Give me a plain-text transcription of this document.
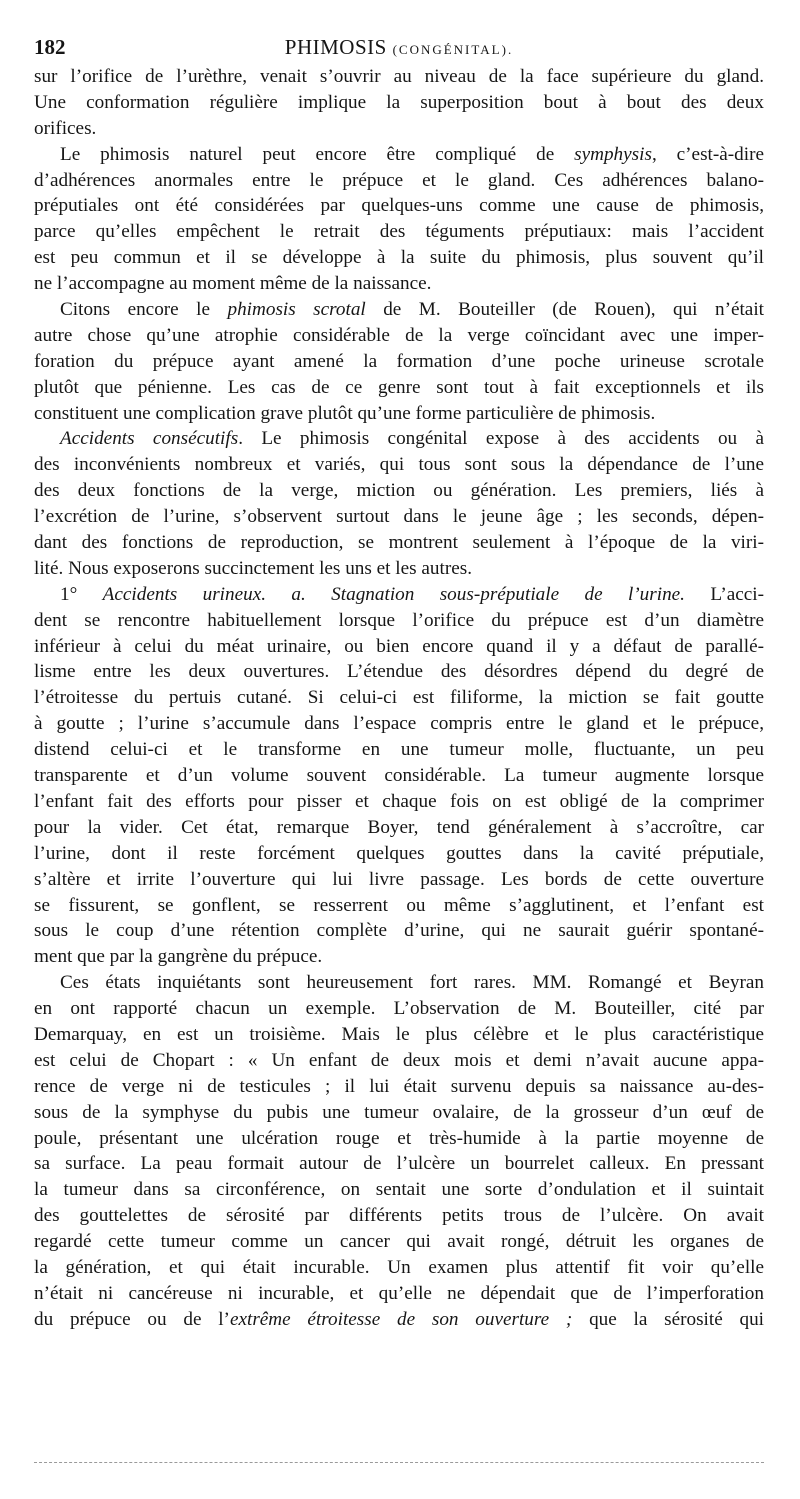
182	PHIMOSIS (CONGÉNITAL).
sur l’orifice de l’urèthre, venait s’ouvrir au niveau de la face supérieure du gland.
Une conformation régulière implique la superposition bout à bout des deux
orifices.
Le phimosis naturel peut encore être compliqué de symphysis, c’est-à-dire
d’adhérences anormales entre le prépuce et le gland. Ces adhérences balano-
préputiales ont été considérées par quelques-uns comme une cause de phimosis,
parce qu’elles empêchent le retrait des téguments préputiaux: mais l’accident
est peu commun et il se développe à la suite du phimosis, plus souvent qu’il
ne l’accompagne au moment même de la naissance.
Citons encore le phimosis scrotal de M. Bouteiller (de Rouen), qui n’était
autre chose qu’une atrophie considérable de la verge coïncidant avec une imper-
foration du prépuce ayant amené la formation d’une poche urineuse scrotale
plutôt que pénienne. Les cas de ce genre sont tout à fait exceptionnels et ils
constituent une complication grave plutôt qu’une forme particulière de phimosis.
Accidents consécutifs. Le phimosis congénital expose à des accidents ou à
des inconvénients nombreux et variés, qui tous sont sous la dépendance de l’une
des deux fonctions de la verge, miction ou génération. Les premiers, liés à
l’excrétion de l’urine, s’observent surtout dans le jeune âge ; les seconds, dépen-
dant des fonctions de reproduction, se montrent seulement à l’époque de la viri-
lité. Nous exposerons succinctement les uns et les autres.
1° Accidents urineux. a. Stagnation sous-préputiale de l’urine. L’acci-
dent se rencontre habituellement lorsque l’orifice du prépuce est d’un diamètre
inférieur à celui du méat urinaire, ou bien encore quand il y a défaut de parallé-
lisme entre les deux ouvertures. L’étendue des désordres dépend du degré de
l’étroitesse du pertuis cutané. Si celui-ci est filiforme, la miction se fait goutte
à goutte ; l’urine s’accumule dans l’espace compris entre le gland et le prépuce,
distend celui-ci et le transforme en une tumeur molle, fluctuante, un peu
transparente et d’un volume souvent considérable. La tumeur augmente lorsque
l’enfant fait des efforts pour pisser et chaque fois on est obligé de la comprimer
pour la vider. Cet état, remarque Boyer, tend généralement à s’accroître, car
l’urine, dont il reste forcément quelques gouttes dans la cavité préputiale,
s’altère et irrite l’ouverture qui lui livre passage. Les bords de cette ouverture
se fissurent, se gonflent, se resserrent ou même s’agglutinent, et l’enfant est
sous le coup d’une rétention complète d’urine, qui ne saurait guérir spontané-
ment que par la gangrène du prépuce.
Ces états inquiétants sont heureusement fort rares. MM. Romangé et Beyran
en ont rapporté chacun un exemple. L’observation de M. Bouteiller, cité par
Demarquay, en est un troisième. Mais le plus célèbre et le plus caractéristique
est celui de Chopart : « Un enfant de deux mois et demi n’avait aucune appa-
rence de verge ni de testicules ; il lui était survenu depuis sa naissance au-des-
sous de la symphyse du pubis une tumeur ovalaire, de la grosseur d’un œuf de
poule, présentant une ulcération rouge et très-humide à la partie moyenne de
sa surface. La peau formait autour de l’ulcère un bourrelet calleux. En pressant
la tumeur dans sa circonférence, on sentait une sorte d’ondulation et il suintait
des gouttelettes de sérosité par différents petits trous de l’ulcère. On avait
regardé cette tumeur comme un cancer qui avait rongé, détruit les organes de
la génération, et qui était incurable. Un examen plus attentif fit voir qu’elle
n’était ni cancéreuse ni incurable, et qu’elle ne dépendait que de l’imperforation
du prépuce ou de l’extrême étroitesse de son ouverture ; que la sérosité qui
